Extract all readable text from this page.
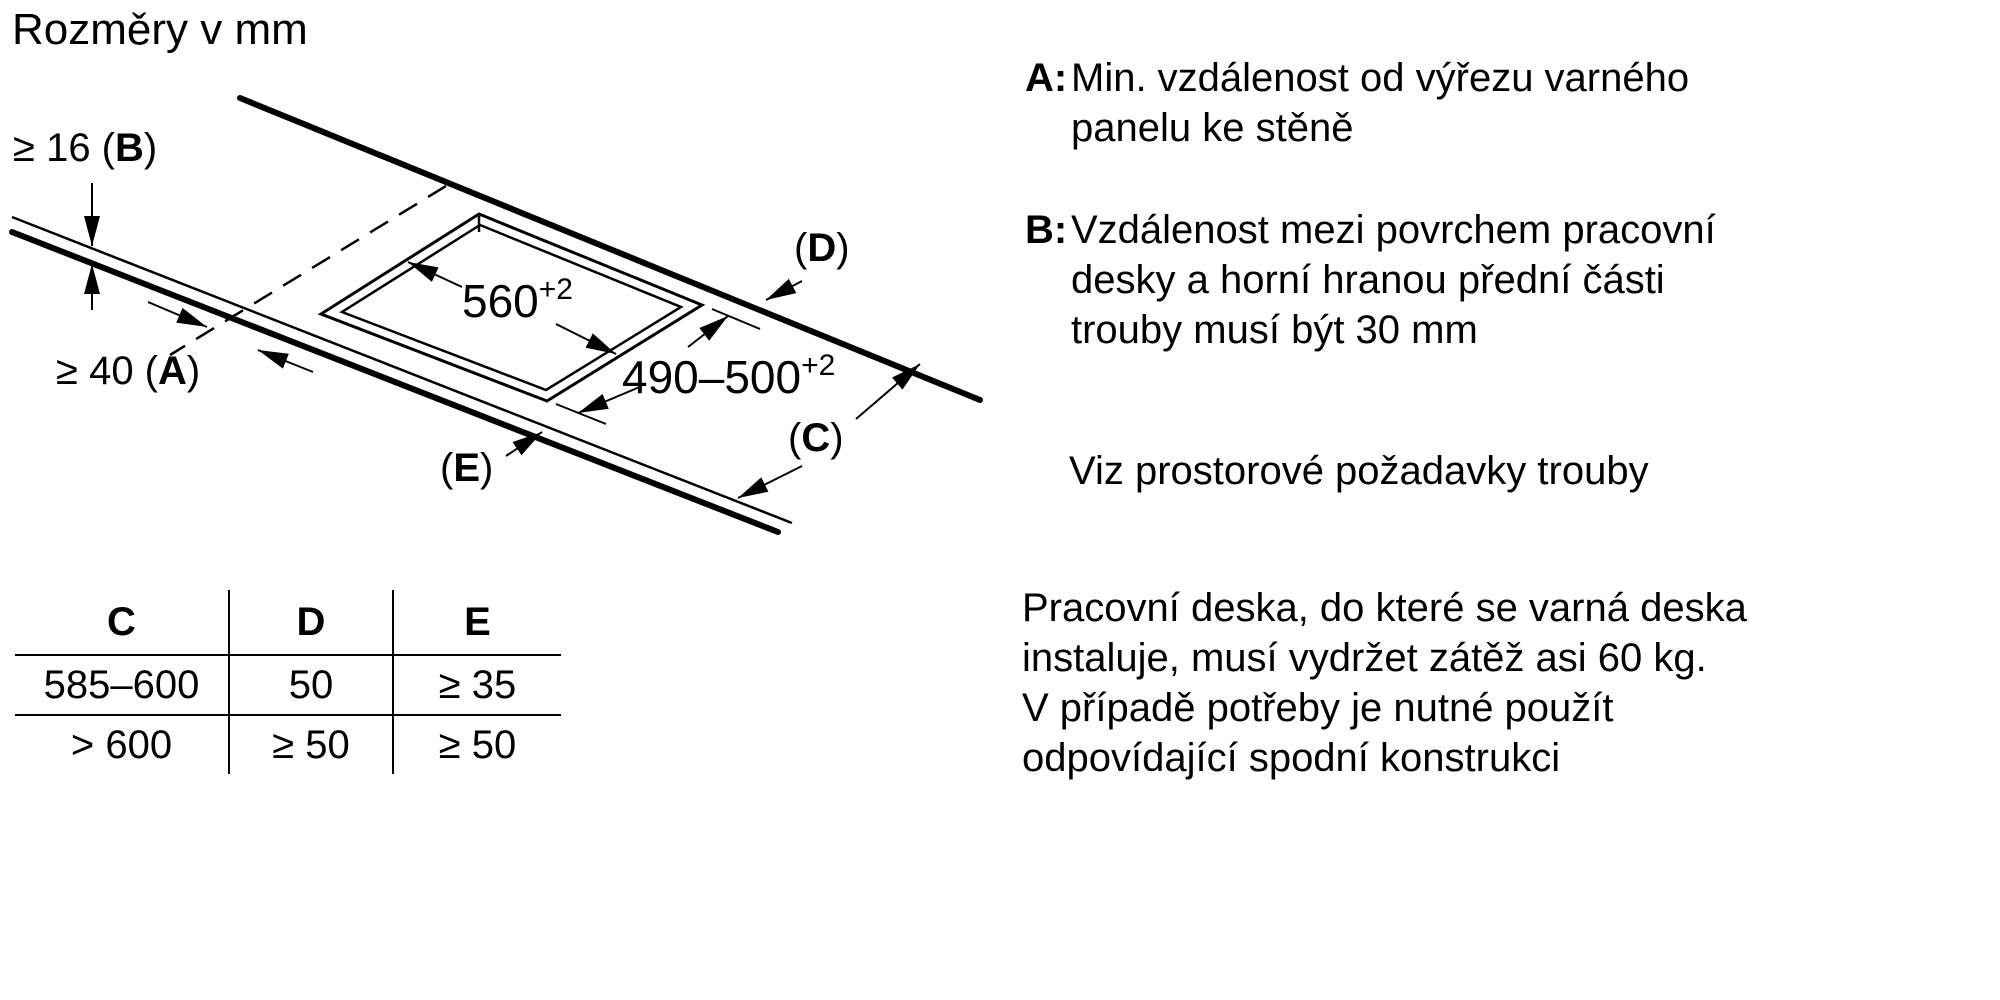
Rozměry v mm
≥ 16 (B)
≥ 40 (A)
$560^{+2}$
$490-500^{+2}$
(D)
(C)
(E)
C	D	E
585–600	50	≥ 35
> 600	≥ 50	≥ 50
A: Min. vzdálenost od výřezu varného
panelu ke stěně
B: Vzdálenost mezi povrchem pracovní
desky a horní hranou přední části
trouby musí být 30 mm
Viz prostorové požadavky trouby
Pracovní deska, do které se varná deska
instaluje, musí vydržet zátěž asi 60 kg.
V případě potřeby je nutné použít
odpovídající spodní konstrukci
